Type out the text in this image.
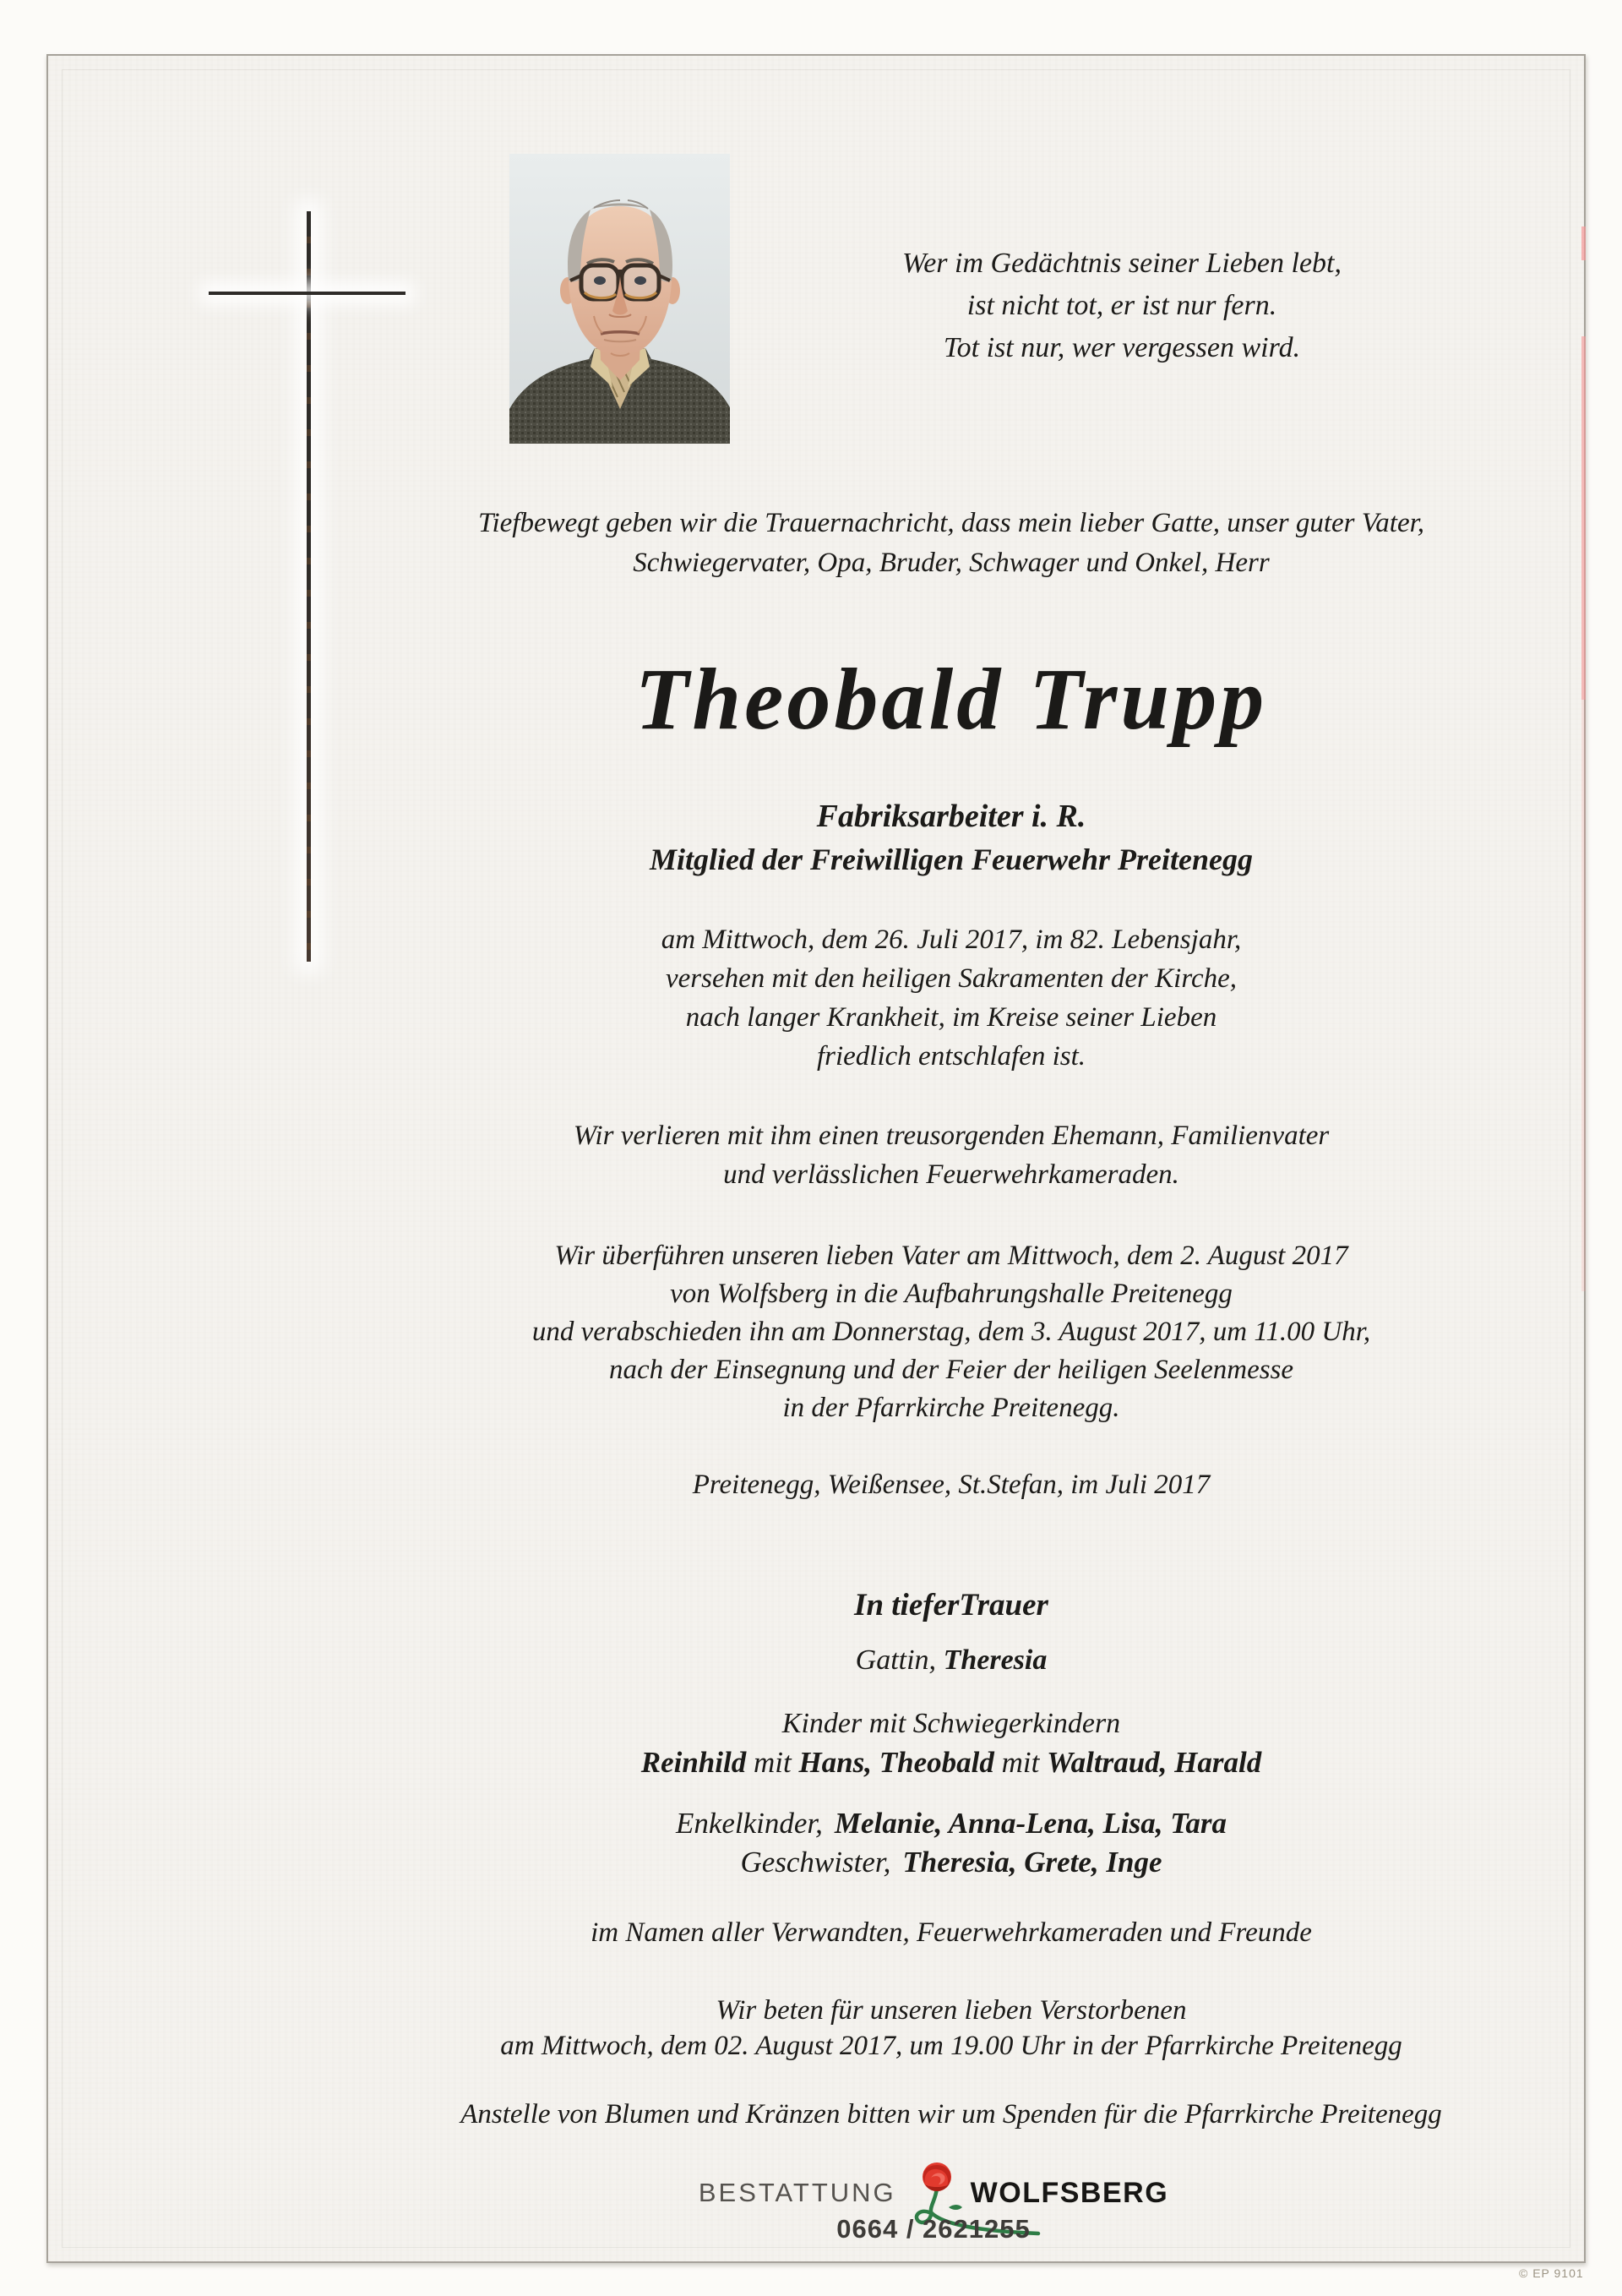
Wer im Gedächtnis seiner Lieben lebt,
ist nicht tot, er ist nur fern.
Tot ist nur, wer vergessen wird.
Tiefbewegt geben wir die Trauernachricht, dass mein lieber Gatte, unser guter Vater,
Schwiegervater, Opa, Bruder, Schwager und Onkel, Herr
Theobald Trupp
Fabriksarbeiter i. R.
Mitglied der Freiwilligen Feuerwehr Preitenegg
am Mittwoch, dem 26. Juli 2017, im 82. Lebensjahr,
versehen mit den heiligen Sakramenten der Kirche,
nach langer Krankheit, im Kreise seiner Lieben
friedlich entschlafen ist.
Wir verlieren mit ihm einen treusorgenden Ehemann, Familienvater
und verlässlichen Feuerwehrkameraden.
Wir überführen unseren lieben Vater am Mittwoch, dem 2. August 2017
von Wolfsberg in die Aufbahrungshalle Preitenegg
und verabschieden ihn am Donnerstag, dem 3. August 2017, um 11.00 Uhr,
nach der Einsegnung und der Feier der heiligen Seelenmesse
in der Pfarrkirche Preitenegg.
Preitenegg, Weißensee, St.Stefan, im Juli 2017
In tieferTrauer
Gattin, Theresia
Kinder mit Schwiegerkindern
Reinhild mit Hans, Theobald mit Waltraud, Harald
Enkelkinder, Melanie, Anna-Lena, Lisa, Tara
Geschwister, Theresia, Grete, Inge
im Namen aller Verwandten, Feuerwehrkameraden und Freunde
Wir beten für unseren lieben Verstorbenen
am Mittwoch, dem 02. August 2017, um 19.00 Uhr in der Pfarrkirche Preitenegg
Anstelle von Blumen und Kränzen bitten wir um Spenden für die Pfarrkirche Preitenegg
BESTATTUNG	WOLFSBERG
0664 / 2621255
© EP 9101
